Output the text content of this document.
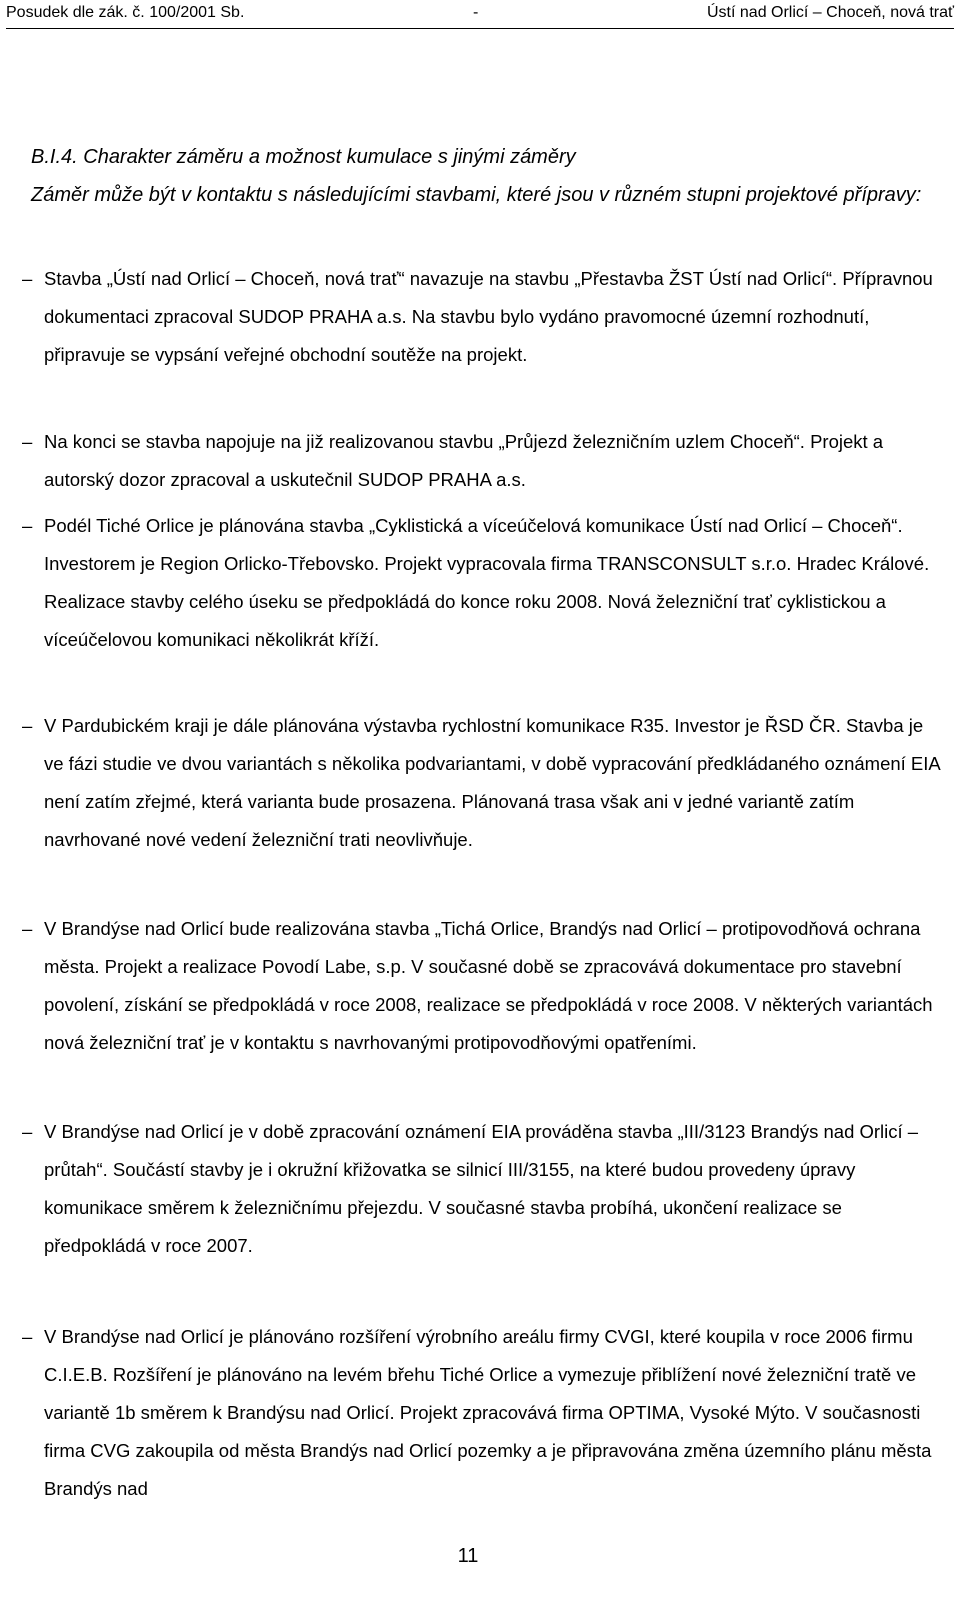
Posudek dle zák. č. 100/2001 Sb.	-	Ústí nad Orlicí – Choceň, nová trať
B.I.4. Charakter záměru a možnost kumulace s jinými záměry
Záměr může být v kontaktu s následujícími stavbami, které jsou v různém stupni projektové přípravy:
– Stavba „Ústí nad Orlicí – Choceň, nová trať“ navazuje na stavbu „Přestavba ŽST Ústí nad Orlicí“. Přípravnou dokumentaci zpracoval SUDOP PRAHA a.s. Na stavbu bylo vydáno pravomocné územní rozhodnutí, připravuje se vypsání veřejné obchodní soutěže na projekt.
– Na konci se stavba napojuje na již realizovanou stavbu „Průjezd železničním uzlem Choceň“. Projekt a autorský dozor zpracoval a uskutečnil SUDOP PRAHA a.s.
– Podél Tiché Orlice je plánována stavba „Cyklistická a víceúčelová komunikace Ústí nad Orlicí – Choceň“. Investorem je Region Orlicko-Třebovsko. Projekt vypracovala firma TRANSCONSULT s.r.o. Hradec Králové. Realizace stavby celého úseku se předpokládá do konce roku 2008. Nová železniční trať cyklistickou a víceúčelovou komunikaci několikrát kříží.
– V Pardubickém kraji je dále plánována výstavba rychlostní komunikace R35. Investor je ŘSD ČR. Stavba je ve fázi studie ve dvou variantách s několika podvariantami, v době vypracování předkládaného oznámení EIA není zatím zřejmé, která varianta bude prosazena. Plánovaná trasa však ani v jedné variantě zatím navrhované nové vedení železniční trati neovlivňuje.
– V Brandýse nad Orlicí bude realizována stavba „Tichá Orlice, Brandýs nad Orlicí – protipovodňová ochrana města. Projekt a realizace Povodí Labe, s.p. V současné době se zpracovává dokumentace pro stavební povolení, získání se předpokládá v roce 2008, realizace se předpokládá v roce 2008. V některých variantách nová železniční trať je v kontaktu s navrhovanými protipovodňovými opatřeními.
– V Brandýse nad Orlicí je v době zpracování oznámení EIA prováděna stavba „III/3123 Brandýs nad Orlicí – průtah“. Součástí stavby je i okružní křižovatka se silnicí III/3155, na které budou provedeny úpravy komunikace směrem k železničnímu přejezdu. V současné stavba probíhá, ukončení realizace se předpokládá v roce 2007.
– V Brandýse nad Orlicí je plánováno rozšíření výrobního areálu firmy CVGI, které koupila v roce 2006 firmu C.I.E.B. Rozšíření je plánováno na levém břehu Tiché Orlice a vymezuje přiblížení nové železniční tratě ve variantě 1b směrem k Brandýsu nad Orlicí. Projekt zpracovává firma OPTIMA, Vysoké Mýto. V současnosti firma CVG zakoupila od města Brandýs nad Orlicí pozemky a je připravována změna územního plánu města Brandýs nad
11
